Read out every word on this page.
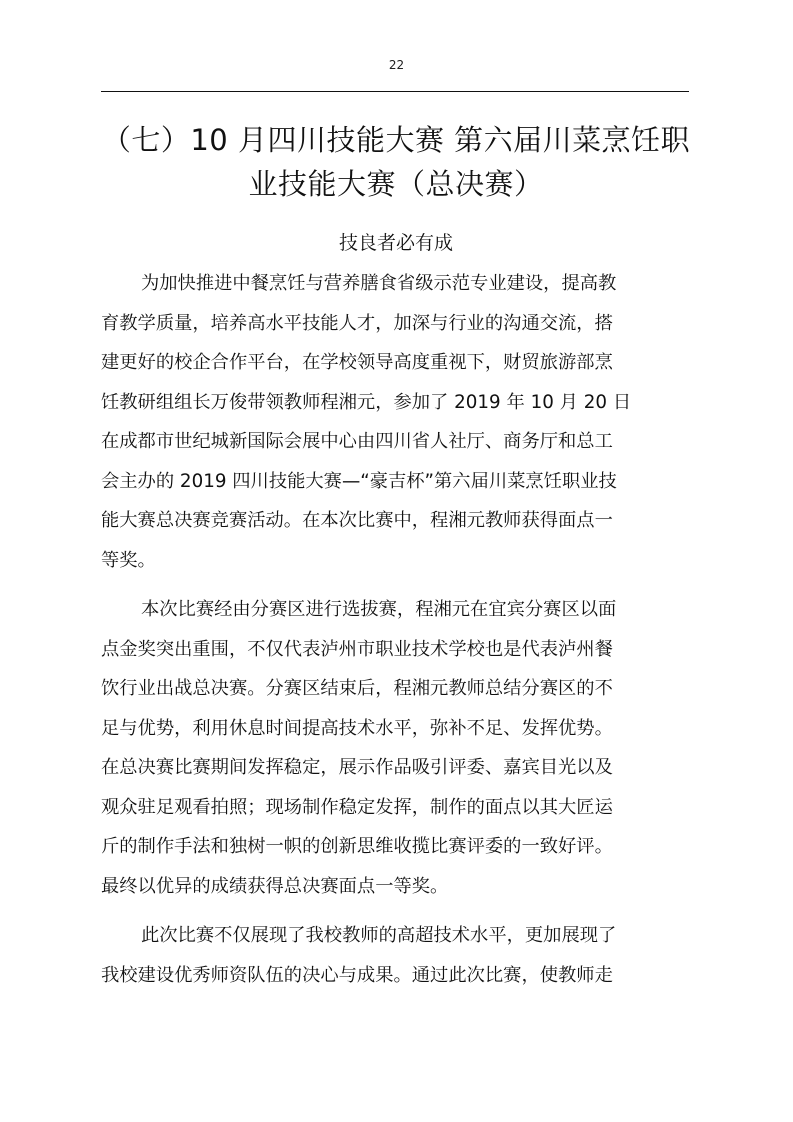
22
（七）10 月四川技能大赛 第六届川菜烹饪职
业技能大赛（总决赛）
技良者必有成
为加快推进中餐烹饪与营养膳食省级示范专业建设，提高教
育教学质量，培养高水平技能人才，加深与行业的沟通交流，搭
建更好的校企合作平台，在学校领导高度重视下，财贸旅游部烹
饪教研组组长万俊带领教师程湘元，参加了 2019 年 10 月 20 日
在成都市世纪城新国际会展中心由四川省人社厅、商务厅和总工
会主办的 2019 四川技能大赛—“豪吉杯”第六届川菜烹饪职业技
能大赛总决赛竞赛活动。在本次比赛中，程湘元教师获得面点一
等奖。
本次比赛经由分赛区进行选拔赛，程湘元在宜宾分赛区以面
点金奖突出重围，不仅代表泸州市职业技术学校也是代表泸州餐
饮行业出战总决赛。分赛区结束后，程湘元教师总结分赛区的不
足与优势，利用休息时间提高技术水平，弥补不足、发挥优势。
在总决赛比赛期间发挥稳定，展示作品吸引评委、嘉宾目光以及
观众驻足观看拍照；现场制作稳定发挥，制作的面点以其大匠运
斤的制作手法和独树一帜的创新思维收揽比赛评委的一致好评。
最终以优异的成绩获得总决赛面点一等奖。
此次比赛不仅展现了我校教师的高超技术水平，更加展现了
我校建设优秀师资队伍的决心与成果。通过此次比赛，使教师走
